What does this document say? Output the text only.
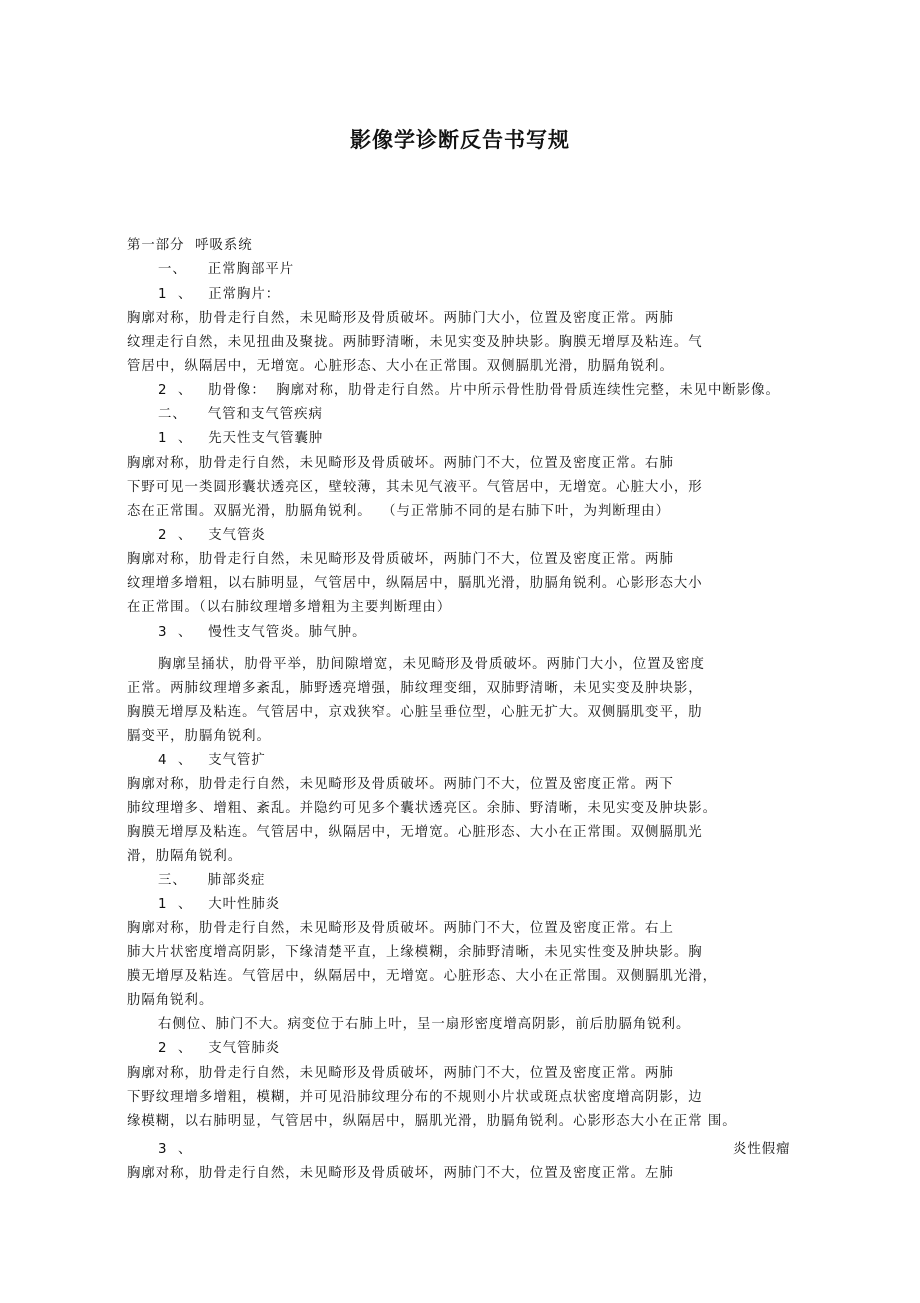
影像学诊断反告书写规
第一部分  呼吸系统
一、    正常胸部平片
1  、   正常胸片：
胸廓对称，肋骨走行自然，未见畸形及骨质破坏。两肺门大小，位置及密度正常。两肺
纹理走行自然，未见扭曲及聚拢。两肺野清晰，未见实变及肿块影。胸膜无增厚及粘连。气
管居中，纵隔居中，无增宽。心脏形态、大小在正常围。双侧膈肌光滑，肋膈角锐利。
2  、   肋骨像：  胸廓对称，肋骨走行自然。片中所示骨性肋骨骨质连续性完整，未见中断影像。
二、    气管和支气管疾病
1  、   先天性支气管囊肿
胸廓对称，肋骨走行自然，未见畸形及骨质破坏。两肺门不大，位置及密度正常。右肺
下野可见一类圆形囊状透亮区，壁较薄，其未见气液平。气管居中，无增宽。心脏大小，形
态在正常围。双膈光滑，肋膈角锐利。  （与正常肺不同的是右肺下叶，为判断理由）
2  、   支气管炎
胸廓对称，肋骨走行自然，未见畸形及骨质破坏，两肺门不大，位置及密度正常。两肺
纹理增多增粗，以右肺明显，气管居中，纵隔居中，膈肌光滑，肋膈角锐利。心影形态大小
在正常围。（以右肺纹理增多增粗为主要判断理由）
3  、   慢性支气管炎。肺气肿。
胸廓呈捅状，肋骨平举，肋间隙增宽，未见畸形及骨质破坏。两肺门大小，位置及密度
正常。两肺纹理增多紊乱，肺野透亮增强，肺纹理变细，双肺野清晰，未见实变及肿块影，
胸膜无增厚及粘连。气管居中，京戏狭窄。心脏呈垂位型，心脏无扩大。双侧膈肌变平，肋
膈变平，肋膈角锐利。
4  、   支气管扩
胸廓对称，肋骨走行自然，未见畸形及骨质破坏。两肺门不大，位置及密度正常。两下
肺纹理增多、增粗、紊乱。并隐约可见多个囊状透亮区。余肺、野清晰，未见实变及肿块影。
胸膜无增厚及粘连。气管居中，纵隔居中，无增宽。心脏形态、大小在正常围。双侧膈肌光
滑，肋隔角锐利。
三、    肺部炎症
1  、   大叶性肺炎
胸廓对称，肋骨走行自然，未见畸形及骨质破坏。两肺门不大，位置及密度正常。右上
肺大片状密度增高阴影，下缘清楚平直，上缘模糊，余肺野清晰，未见实性变及肿块影。胸
膜无增厚及粘连。气管居中，纵隔居中，无增宽。心脏形态、大小在正常围。双侧膈肌光滑，
肋隔角锐利。
右侧位、肺门不大。病变位于右肺上叶，呈一扇形密度增高阴影，前后肋膈角锐利。
2  、   支气管肺炎
胸廓对称，肋骨走行自然，未见畸形及骨质破坏，两肺门不大，位置及密度正常。两肺
下野纹理增多增粗，模糊，并可见沿肺纹理分布的不规则小片状或斑点状密度增高阴影，边
缘模糊，以右肺明显，气管居中，纵隔居中，膈肌光滑，肋膈角锐利。心影形态大小在正常 围。
3  、	炎性假瘤
胸廓对称，肋骨走行自然，未见畸形及骨质破坏，两肺门不大，位置及密度正常。左肺
